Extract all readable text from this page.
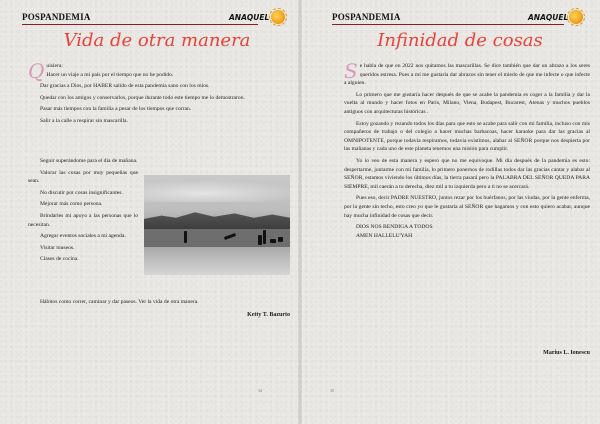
POSPANDEMIA	ANAQUEL
Vida de otra manera
Q uisiera:

Hacer un viaje a mi país por el tiempo que no he podido.

Dar gracias a Dios, por HABER salido de esta pandemia sano con los míos.

Quedar con los amigos y conservarlos, porque durante todo este tiempo me lo demostraron.

Pasar más tiempos con la familia a pesar de los tiempos que corran.

Salir a la calle a respirar sin mascarilla.

Seguir superándome para el día de mañana.

Valorar las cosas por muy pequeñas que sean.

No discutir por cosas insignificantes.

Mejorar más como persona.

Brindarles mi apoyo a las personas que lo necesitan.

Agregar eventos sociales a mi agenda.

Visitar museos.

Clases de cocina.

Hábitos como correr, caminar y dar paseos. Ver la vida de otra manera.

Ketty T. Bazurto
34
POSPANDEMIA	ANAQUEL
Infinidad de cosas
S e habla de que en 2022 nos quitamos las mascarillas. Se dice también que dar un abrazo a los seres queridos estresa. Pues a mí me gustaría dar abrazos sin tener el miedo de que me infecte o que infecte a alguien.

Lo primero que me gustaría hacer después de que se acabe la pandemia es coger a la familia y dar la vuelta al mundo y hacer fotos en París, Milano, Viena, Budapest, Bucarest, Atenas y muchos pueblos antiguos con arquitecturas históricas .

Estoy gozando y rezando todos los días para que esto se acabe para salir con mi familia, incluso con mis compañeros de trabajo o del colegio a hacer muchas barbacoas, hacer karaoke para dar las gracias al OMNIPOTENTE, porque todavía respiramos, todavía existimos, alabar al SEÑOR porque nos despierta por las mañanas y cada uno de este planeta tenemos una misión para cumplir.

Yo lo veo de esta manera y espero que no me equivoque. Mi día después de la pandemia es esto: despertarme, juntarme con mi familia, lo primero ponernos de rodillas todos dar las gracias cantar y alabar al SEÑOR, estamos viviendo los últimos días, la tierra pasará pero la PALABRA DEL SEÑOR QUEDA PARA SIEMPRE, mil caerán a tu derecha, diez mil a tu izquierda pero a ti no se acercará.

Pues eso, decir PADRE NUESTRO, juntos rezar por los huérfanos, por las viudas, por la gente enferma, por la gente sin techo, esto creo yo que le gustaría al SEÑOR que hagamos y con esto quiero acabar, aunque hay mucha infinidad de cosas que decir.

DIOS NOS BENDIGA A TODOS

AMEN HALLELU'YAH

Marius L. Ionescu
35
